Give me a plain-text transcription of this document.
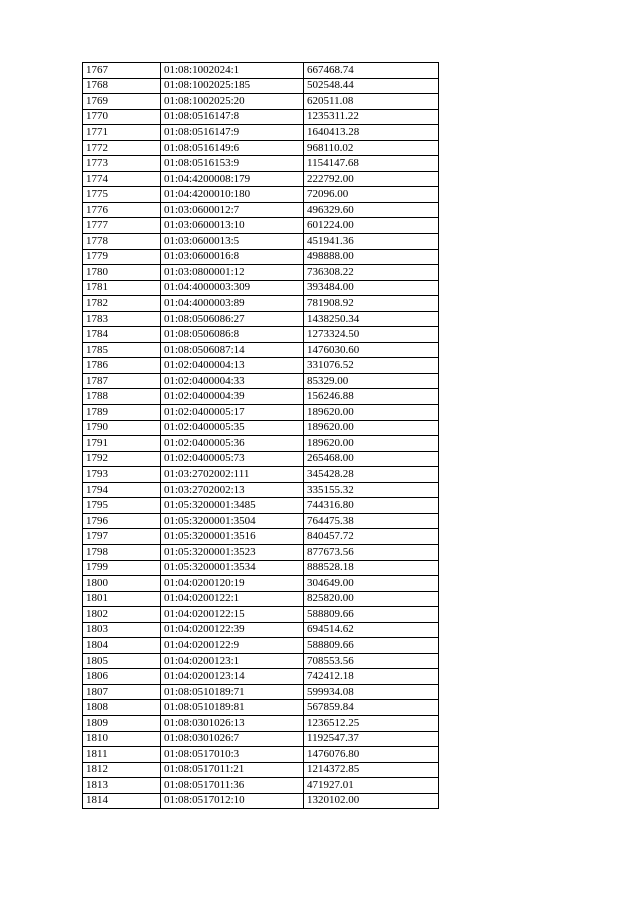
1767	01:08:1002024:1	667468.74
1768	01:08:1002025:185	502548.44
1769	01:08:1002025:20	620511.08
1770	01:08:0516147:8	1235311.22
1771	01:08:0516147:9	1640413.28
1772	01:08:0516149:6	968110.02
1773	01:08:0516153:9	1154147.68
1774	01:04:4200008:179	222792.00
1775	01:04:4200010:180	72096.00
1776	01:03:0600012:7	496329.60
1777	01:03:0600013:10	601224.00
1778	01:03:0600013:5	451941.36
1779	01:03:0600016:8	498888.00
1780	01:03:0800001:12	736308.22
1781	01:04:4000003:309	393484.00
1782	01:04:4000003:89	781908.92
1783	01:08:0506086:27	1438250.34
1784	01:08:0506086:8	1273324.50
1785	01:08:0506087:14	1476030.60
1786	01:02:0400004:13	331076.52
1787	01:02:0400004:33	85329.00
1788	01:02:0400004:39	156246.88
1789	01:02:0400005:17	189620.00
1790	01:02:0400005:35	189620.00
1791	01:02:0400005:36	189620.00
1792	01:02:0400005:73	265468.00
1793	01:03:2702002:111	345428.28
1794	01:03:2702002:13	335155.32
1795	01:05:3200001:3485	744316.80
1796	01:05:3200001:3504	764475.38
1797	01:05:3200001:3516	840457.72
1798	01:05:3200001:3523	877673.56
1799	01:05:3200001:3534	888528.18
1800	01:04:0200120:19	304649.00
1801	01:04:0200122:1	825820.00
1802	01:04:0200122:15	588809.66
1803	01:04:0200122:39	694514.62
1804	01:04:0200122:9	588809.66
1805	01:04:0200123:1	708553.56
1806	01:04:0200123:14	742412.18
1807	01:08:0510189:71	599934.08
1808	01:08:0510189:81	567859.84
1809	01:08:0301026:13	1236512.25
1810	01:08:0301026:7	1192547.37
1811	01:08:0517010:3	1476076.80
1812	01:08:0517011:21	1214372.85
1813	01:08:0517011:36	471927.01
1814	01:08:0517012:10	1320102.00
